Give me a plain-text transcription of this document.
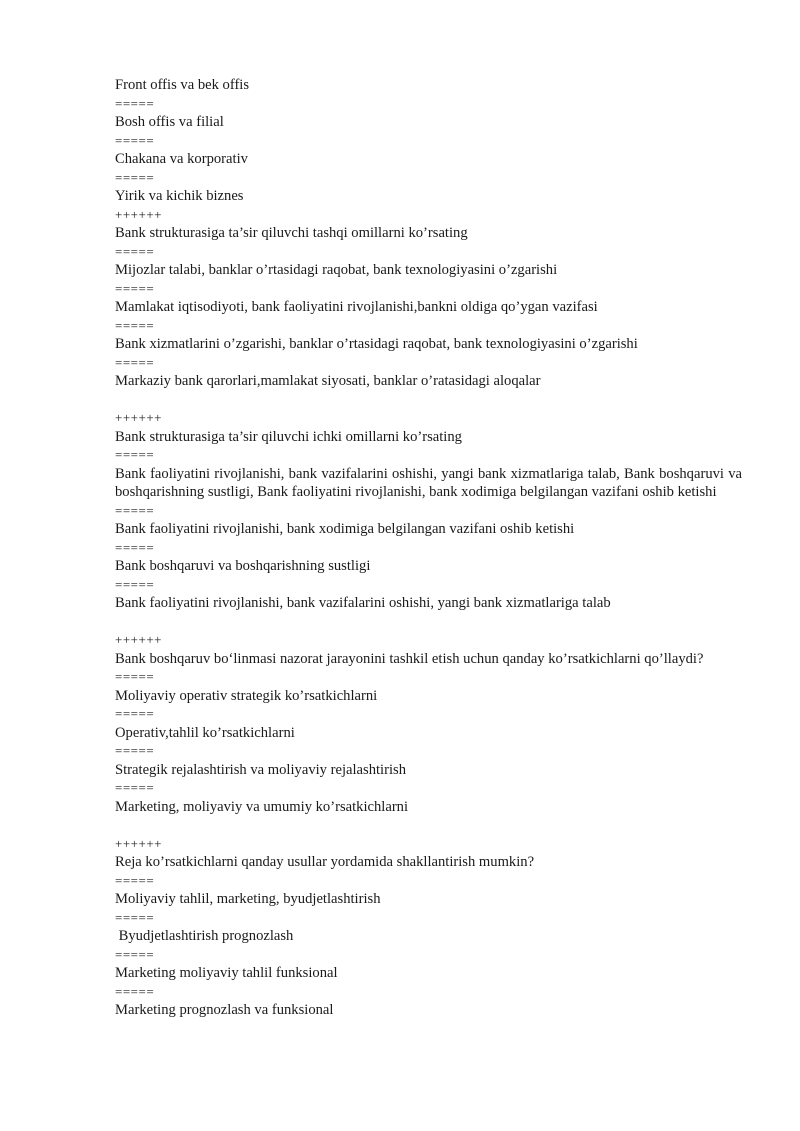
Front offis va bek offis

=====

Bosh offis va filial

=====

Chakana va korporativ

=====

Yirik va kichik biznes

++++++

Bank strukturasiga ta’sir qiluvchi tashqi omillarni ko’rsating

=====

Mijozlar talabi, banklar o’rtasidagi raqobat, bank texnologiyasini o’zgarishi

=====

Mamlakat iqtisodiyoti, bank faoliyatini rivojlanishi,bankni oldiga qo’ygan vazifasi

=====

Bank xizmatlarini o’zgarishi, banklar o’rtasidagi raqobat, bank texnologiyasini o’zgarishi

=====

Markaziy bank qarorlari,mamlakat siyosati, banklar o’ratasidagi aloqalar

++++++

Bank strukturasiga ta’sir qiluvchi ichki omillarni ko’rsating

=====

Bank faoliyatini rivojlanishi, bank vazifalarini oshishi, yangi bank xizmatlariga talab, Bank boshqaruvi va boshqarishning sustligi, Bank faoliyatini rivojlanishi, bank xodimiga belgilangan vazifani oshib ketishi

=====

Bank faoliyatini rivojlanishi, bank xodimiga belgilangan vazifani oshib ketishi

=====

Bank boshqaruvi va boshqarishning sustligi

=====

Bank faoliyatini rivojlanishi, bank vazifalarini oshishi, yangi bank xizmatlariga talab

++++++

Bank boshqaruv bo‘linmasi nazorat jarayonini tashkil etish uchun qanday ko’rsatkichlarni qo’llaydi?

=====

Moliyaviy operativ strategik ko’rsatkichlarni

=====

Operativ,tahlil ko’rsatkichlarni

=====

Strategik rejalashtirish va moliyaviy rejalashtirish

=====

Marketing, moliyaviy va umumiy ko’rsatkichlarni

++++++

Reja ko’rsatkichlarni qanday usullar yordamida shakllantirish mumkin?

=====

Moliyaviy tahlil, marketing, byudjetlashtirish

=====

Byudjetlashtirish prognozlash

=====

Marketing moliyaviy tahlil funksional

=====

Marketing prognozlash va funksional
